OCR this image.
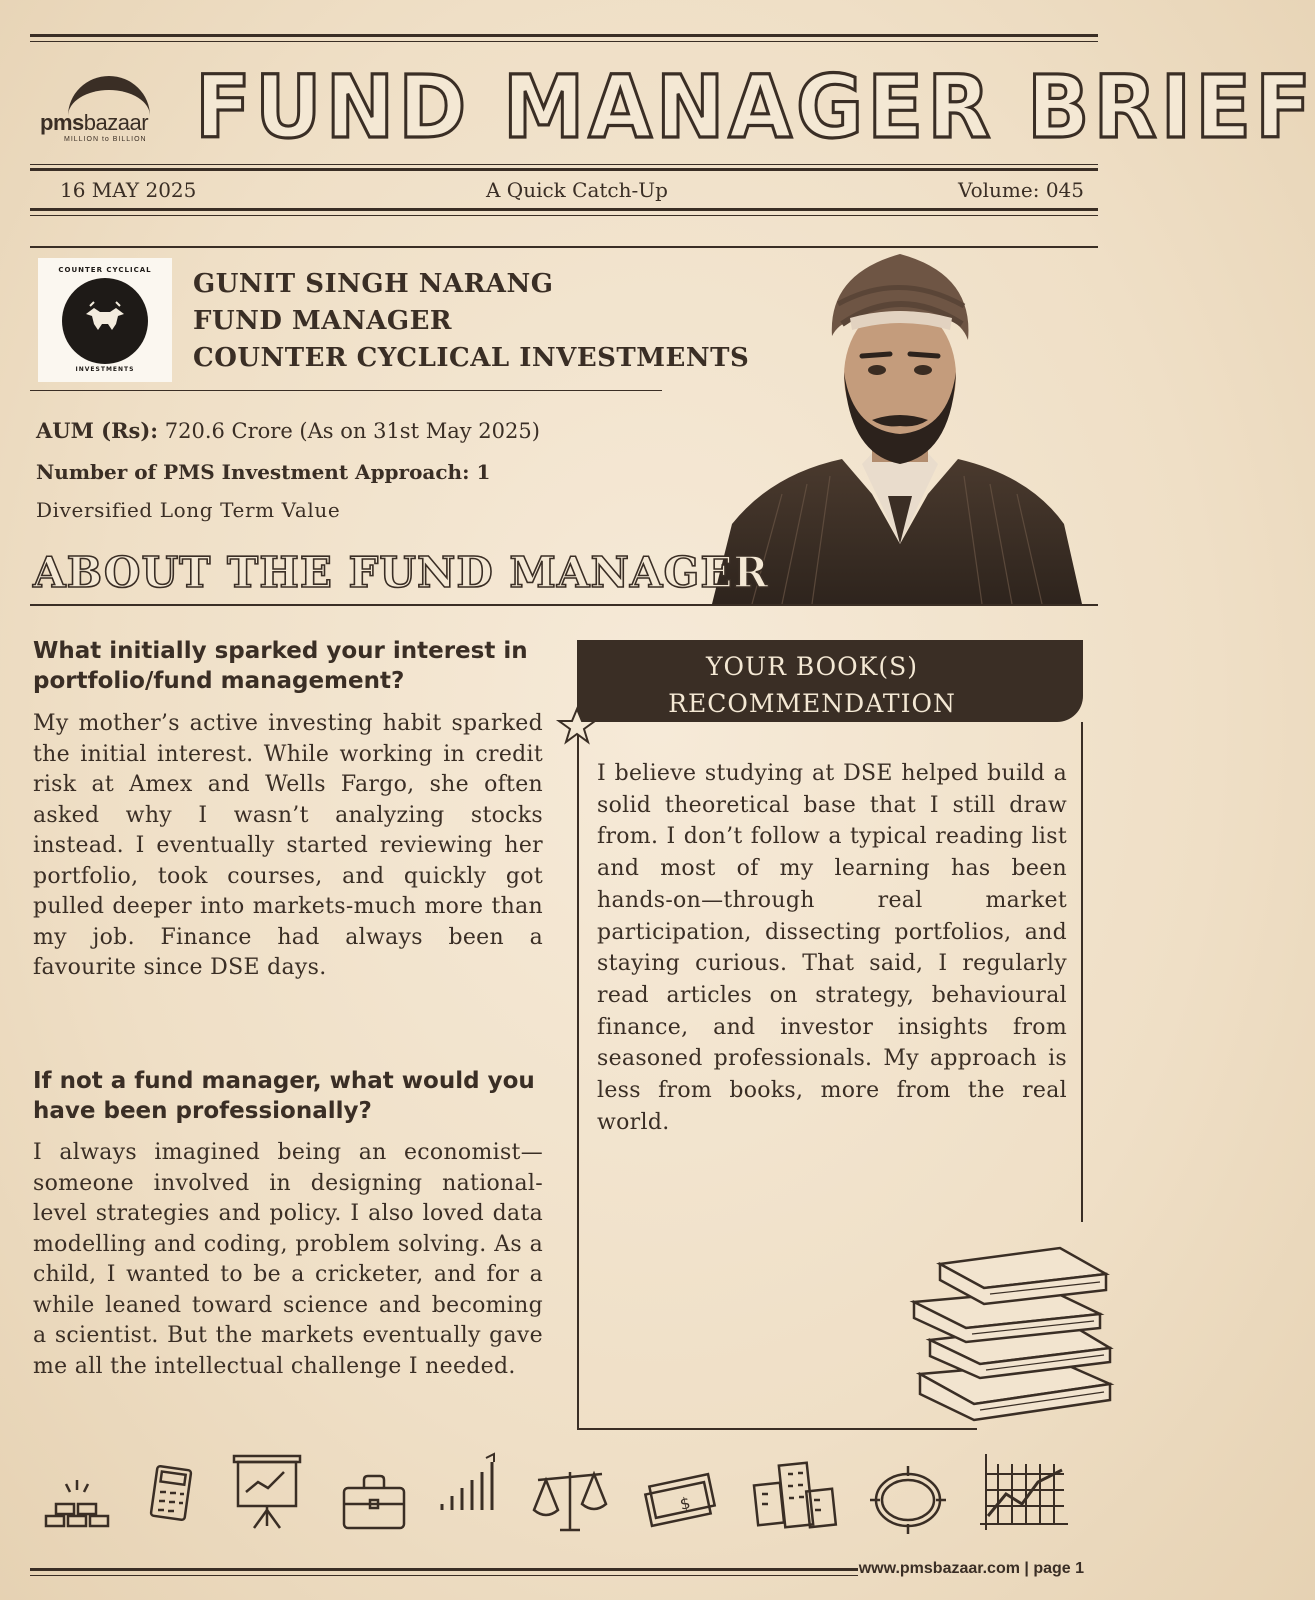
pmsbazaar
MILLION to BILLION FUND MANAGER BRIEF
16 MAY 2025	A Quick Catch-Up	Volume: 045
COUNTER CYCLICAL
INVESTMENTS
GUNIT SINGH NARANG
FUND MANAGER
COUNTER CYCLICAL INVESTMENTS
AUM (Rs): 720.6 Crore (As on 31st May 2025)
Number of PMS Investment Approach: 1
Diversified Long Term Value
ABOUT THE FUND MANAGER
What initially sparked your interest in portfolio/fund management?
My mother’s active investing habit sparked the initial interest. While working in credit risk at Amex and Wells Fargo, she often asked why I wasn’t analyzing stocks instead. I eventually started reviewing her portfolio, took courses, and quickly got pulled deeper into markets-much more than my job. Finance had always been a favourite since DSE days.
If not a fund manager, what would you have been professionally?
I always imagined being an economist—someone involved in designing national-level strategies and policy. I also loved data modelling and coding, problem solving. As a child, I wanted to be a cricketer, and for a while leaned toward science and becoming a scientist. But the markets eventually gave me all the intellectual challenge I needed.
YOUR BOOK(S)
RECOMMENDATION
I believe studying at DSE helped build a solid theoretical base that I still draw from. I don’t follow a typical reading list and most of my learning has been hands-on—through real market participation, dissecting portfolios, and staying curious. That said, I regularly read articles on strategy, behavioural finance, and investor insights from seasoned professionals. My approach is less from books, more from the real world.
$
www.pmsbazaar.com | page 1
